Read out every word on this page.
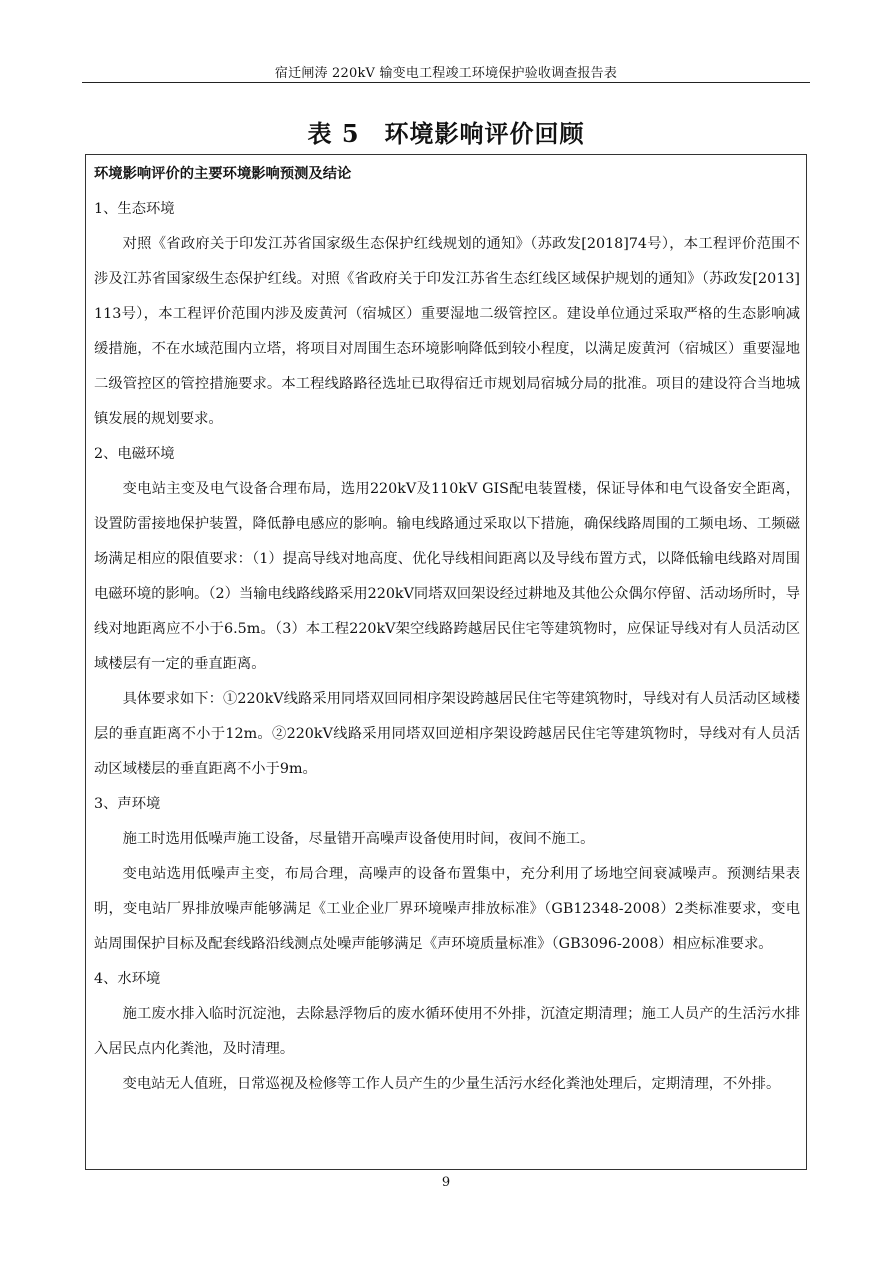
宿迁闸涛 220kV 输变电工程竣工环境保护验收调查报告表
表 5　环境影响评价回顾

环境影响评价的主要环境影响预测及结论

1、生态环境

对照《省政府关于印发江苏省国家级生态保护红线规划的通知》（苏政发[2018]74号），本工程评价范围不涉及江苏省国家级生态保护红线。对照《省政府关于印发江苏省生态红线区域保护规划的通知》（苏政发[2013]113号），本工程评价范围内涉及废黄河（宿城区）重要湿地二级管控区。建设单位通过采取严格的生态影响减缓措施，不在水域范围内立塔，将项目对周围生态环境影响降低到较小程度，以满足废黄河（宿城区）重要湿地二级管控区的管控措施要求。本工程线路路径选址已取得宿迁市规划局宿城分局的批准。项目的建设符合当地城镇发展的规划要求。

2、电磁环境

变电站主变及电气设备合理布局，选用220kV及110kV GIS配电装置楼，保证导体和电气设备安全距离，设置防雷接地保护装置，降低静电感应的影响。输电线路通过采取以下措施，确保线路周围的工频电场、工频磁场满足相应的限值要求：（1）提高导线对地高度、优化导线相间距离以及导线布置方式，以降低输电线路对周围电磁环境的影响。（2）当输电线路线路采用220kV同塔双回架设经过耕地及其他公众偶尔停留、活动场所时，导线对地距离应不小于6.5m。（3）本工程220kV架空线路跨越居民住宅等建筑物时，应保证导线对有人员活动区域楼层有一定的垂直距离。

具体要求如下：①220kV线路采用同塔双回同相序架设跨越居民住宅等建筑物时，导线对有人员活动区域楼层的垂直距离不小于12m。②220kV线路采用同塔双回逆相序架设跨越居民住宅等建筑物时，导线对有人员活动区域楼层的垂直距离不小于9m。

3、声环境

施工时选用低噪声施工设备，尽量错开高噪声设备使用时间，夜间不施工。

变电站选用低噪声主变，布局合理，高噪声的设备布置集中，充分利用了场地空间衰减噪声。预测结果表明，变电站厂界排放噪声能够满足《工业企业厂界环境噪声排放标准》（GB12348-2008）2类标准要求，变电站周围保护目标及配套线路沿线测点处噪声能够满足《声环境质量标准》（GB3096-2008）相应标准要求。

4、水环境

施工废水排入临时沉淀池，去除悬浮物后的废水循环使用不外排，沉渣定期清理；施工人员产的生活污水排入居民点内化粪池，及时清理。

变电站无人值班，日常巡视及检修等工作人员产生的少量生活污水经化粪池处理后，定期清理，不外排。

9
